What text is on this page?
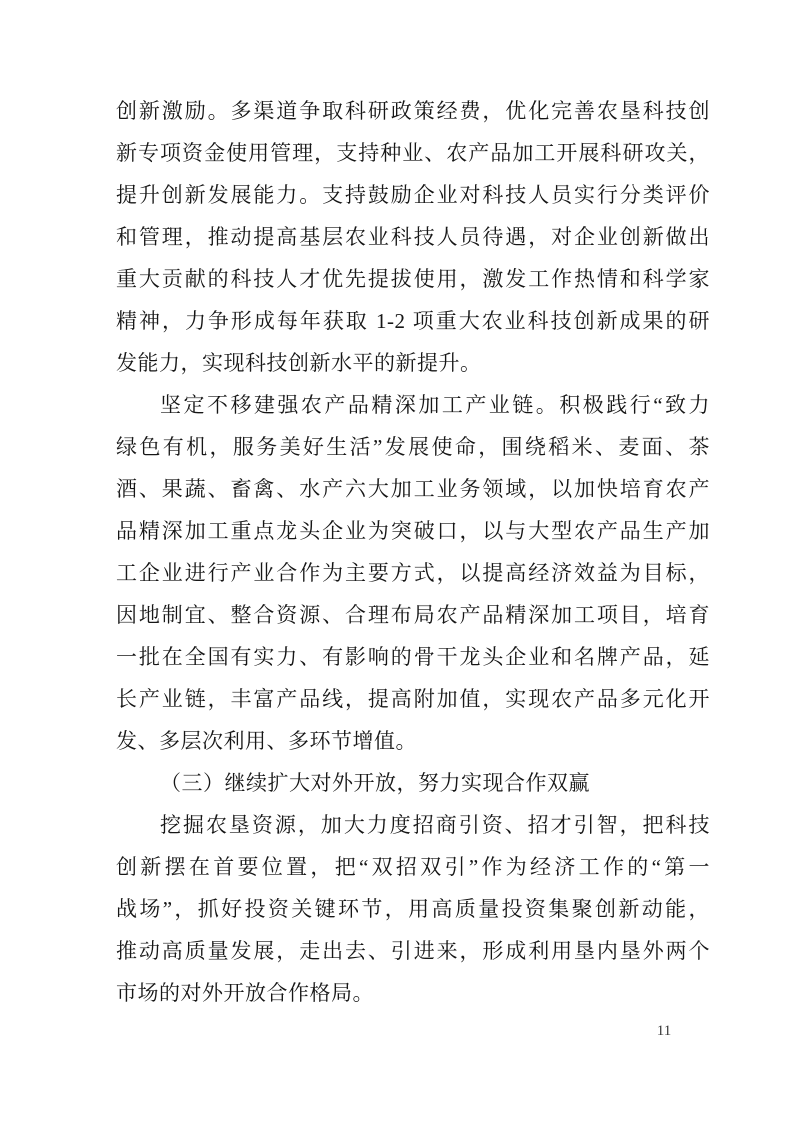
创新激励。多渠道争取科研政策经费，优化完善农垦科技创
新专项资金使用管理，支持种业、农产品加工开展科研攻关，
提升创新发展能力。支持鼓励企业对科技人员实行分类评价
和管理，推动提高基层农业科技人员待遇，对企业创新做出
重大贡献的科技人才优先提拔使用，激发工作热情和科学家
精神，力争形成每年获取 1-2 项重大农业科技创新成果的研
发能力，实现科技创新水平的新提升。
坚定不移建强农产品精深加工产业链。积极践行“致力
绿色有机，服务美好生活”发展使命，围绕稻米、麦面、茶
酒、果蔬、畜禽、水产六大加工业务领域，以加快培育农产
品精深加工重点龙头企业为突破口，以与大型农产品生产加
工企业进行产业合作为主要方式，以提高经济效益为目标，
因地制宜、整合资源、合理布局农产品精深加工项目，培育
一批在全国有实力、有影响的骨干龙头企业和名牌产品，延
长产业链，丰富产品线，提高附加值，实现农产品多元化开
发、多层次利用、多环节增值。
（三）继续扩大对外开放，努力实现合作双赢
挖掘农垦资源，加大力度招商引资、招才引智，把科技
创新摆在首要位置，把“双招双引”作为经济工作的“第一
战场”，抓好投资关键环节，用高质量投资集聚创新动能，
推动高质量发展，走出去、引进来，形成利用垦内垦外两个
市场的对外开放合作格局。
11
